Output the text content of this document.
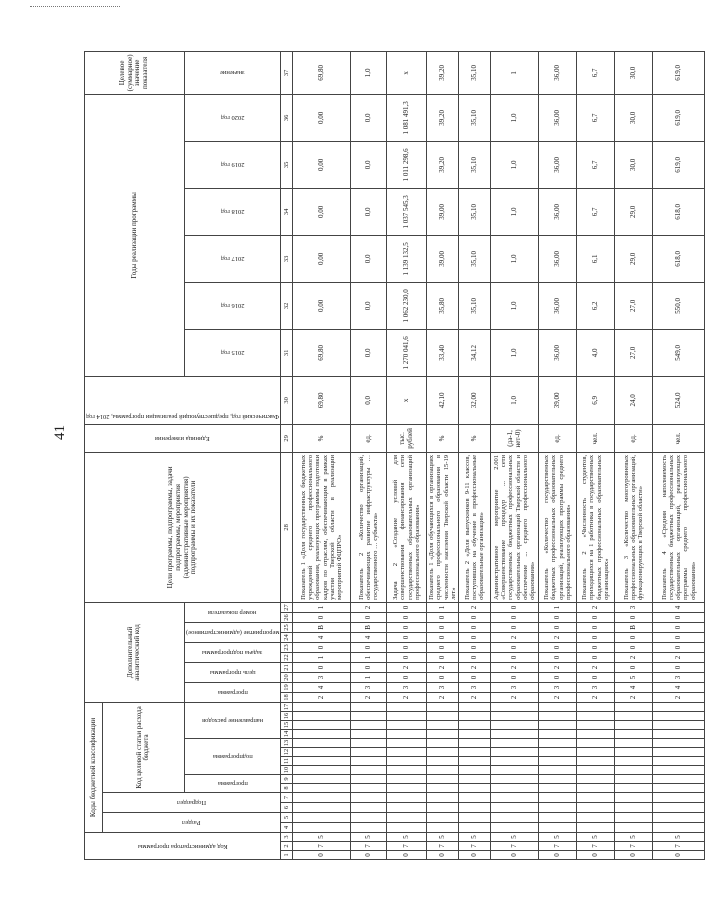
41
Код администратора программы			Коды бюджетной классификации														Дополнительный аналитический код										Цели программы, подпрограммы, задачи подпрограммы, мероприятия (административные мероприятия) подпрограммы и их показатели	Единица измерения	Фактический год, предшествующий реализации программы, 2014 год	Годы реализации программы						Целевое (суммарное) значение показателя

			Раздел		Подраздел		Код целевой статьи расхода бюджета																													

							программа		подпрограмма				направление расходов				программа		цель программы		задача подпрограммы		мероприятие (административное)		номер показателя					2015 год	2016 год	2017 год	2018 год	2019 год	2020 год	значение

1	2	3	4	5	6	7	8	9	10	11	12	13	14	15	16	17	18	19	20	21	22	23	24	25	26	27	28	29	30	31	32	33	34	35	36	37
0	7	5															2	4	3	0	1	0	4	В	0	1	Показатель 1 «Доля государственных бюджетных учреждений среднего профессионального образования, реализующих программы подготовки кадров по отраслям, обеспечивающим в рамках участия Тверской области в реализации мероприятий ФЦПРО»	%	69,80	69,80	0,00	0,00	0,00	0,00	0,00	69,80
0	7	5															2	3	1	0	1	0	4	В	0	2	Показатель 2 «Количество организаций, обеспечивающих развитие инфраструктуры … государственного … субъекта»	ед.	0,0	0,0	0,0	0,0	0,0	0,0	0,0	1,0
0	7	5															2	3	0	2	0	0	0	0	0	0	Задача 2 «Создание условий для совершенствования финансирования сети государственных образовательных организаций профессионального образования»	тыс. рублей	х	1 270 041,6	1 062 230,0	1 139 132,5	1 037 545,3	1 011 298,6	1 081 491,3	х
0	7	5															2	3	0	2	0	0	0	0	0	1	Показатель 1 «Доля обучающихся в организациях среднего профессионального образования в численности населения Тверской области 15-19 лет»	%	42,10	33,40	35,80	39,00	39,00	39,20	39,20	39,20
0	7	5															2	3	0	2	0	0	0	0	0	2	Показатель 2 «Доля выпускников 9-11 классов, поступивших на обучение в профессиональные образовательные организации»	%	32,00	34,12	35,10	35,10	35,10	35,10	35,10	35,10
0	7	5															2	3	0	2	0	0	2	0	0	0	Административное мероприятие 2.001 «Совершенствование процедур ... сети государственных бюджетных профессиональных образовательных организаций Тверской области и обеспечение ... среднего профессионального образования»	(да-1, нет-0)	1,0	1,0	1,0	1,0	1,0	1,0	1,0	1
0	7	5															2	3	0	2	0	0	2	0	0	1	Показатель «Количество государственных бюджетных профессиональных образовательных организаций, реализующих программы среднего профессионального образования»	ед.	39,00	36,00	36,00	36,00	36,00	36,00	36,00	36,00
0	7	5															2	3	0	2	0	0	0	0	0	2	Показатель 2 «Численность студентов, приходящихся на 1 работника в государственных бюджетных профессиональных образовательных организациях»	чел.	6,9	4,0	6,2	6,1	6,7	6,7	6,7	6,7
0	7	5															2	4	5	0	2	0	0	В	0	3	Показатель 3 «Количество многоуровневых профессиональных образовательных организаций, функционирующих в Тверской области»	ед.	24,0	27,0	27,0	29,0	29,0	30,0	30,0	30,0
0	7	5															2	4	3	0	2	0	0	0	0	4	Показатель 4 «Средняя наполняемость государственных бюджетных профессиональных образовательных организаций, реализующих программы среднего профессионального образования»	чел.	524,0	549,0	550,0	618,0	618,0	619,0	619,0	619,0
